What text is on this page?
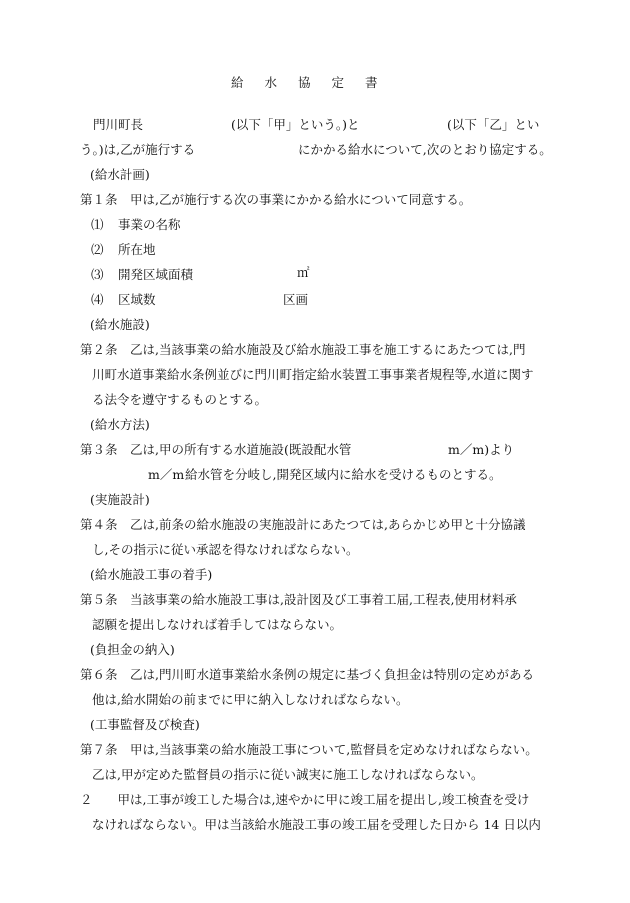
給水協定書
門川町長	(以下「甲」という。)と	(以下「乙」とい
う。)は,乙が施行する	にかかる給水について,次のとおり協定する。
(給水計画)
第１条　甲は,乙が施行する次の事業にかかる給水について同意する。
⑴ 事業の名称
⑵ 所在地
⑶ 開発区域面積	㎡
⑷ 区域数	区画
(給水施設)
第２条　乙は,当該事業の給水施設及び給水施設工事を施工するにあたつては,門
川町水道事業給水条例並びに門川町指定給水装置工事事業者規程等,水道に関す
る法令を遵守するものとする。
(給水方法)
第３条　乙は,甲の所有する水道施設(既設配水管	m／m)より
m／m 給水管を分岐し,開発区域内に給水を受けるものとする。
(実施設計)
第４条　乙は,前条の給水施設の実施設計にあたつては,あらかじめ甲と十分協議
し,その指示に従い承認を得なければならない。
(給水施設工事の着手)
第５条　当該事業の給水施設工事は,設計図及び工事着工届,工程表,使用材料承
認願を提出しなければ着手してはならない。
(負担金の納入)
第６条　乙は,門川町水道事業給水条例の規定に基づく負担金は特別の定めがある
他は,給水開始の前までに甲に納入しなければならない。
(工事監督及び検査)
第７条　甲は,当該事業の給水施設工事について,監督員を定めなければならない。
乙は,甲が定めた監督員の指示に従い誠実に施工しなければならない。
２　　甲は,工事が竣工した場合は,速やかに甲に竣工届を提出し,竣工検査を受け
なければならない。甲は当該給水施設工事の竣工届を受理した日から 14 日以内
